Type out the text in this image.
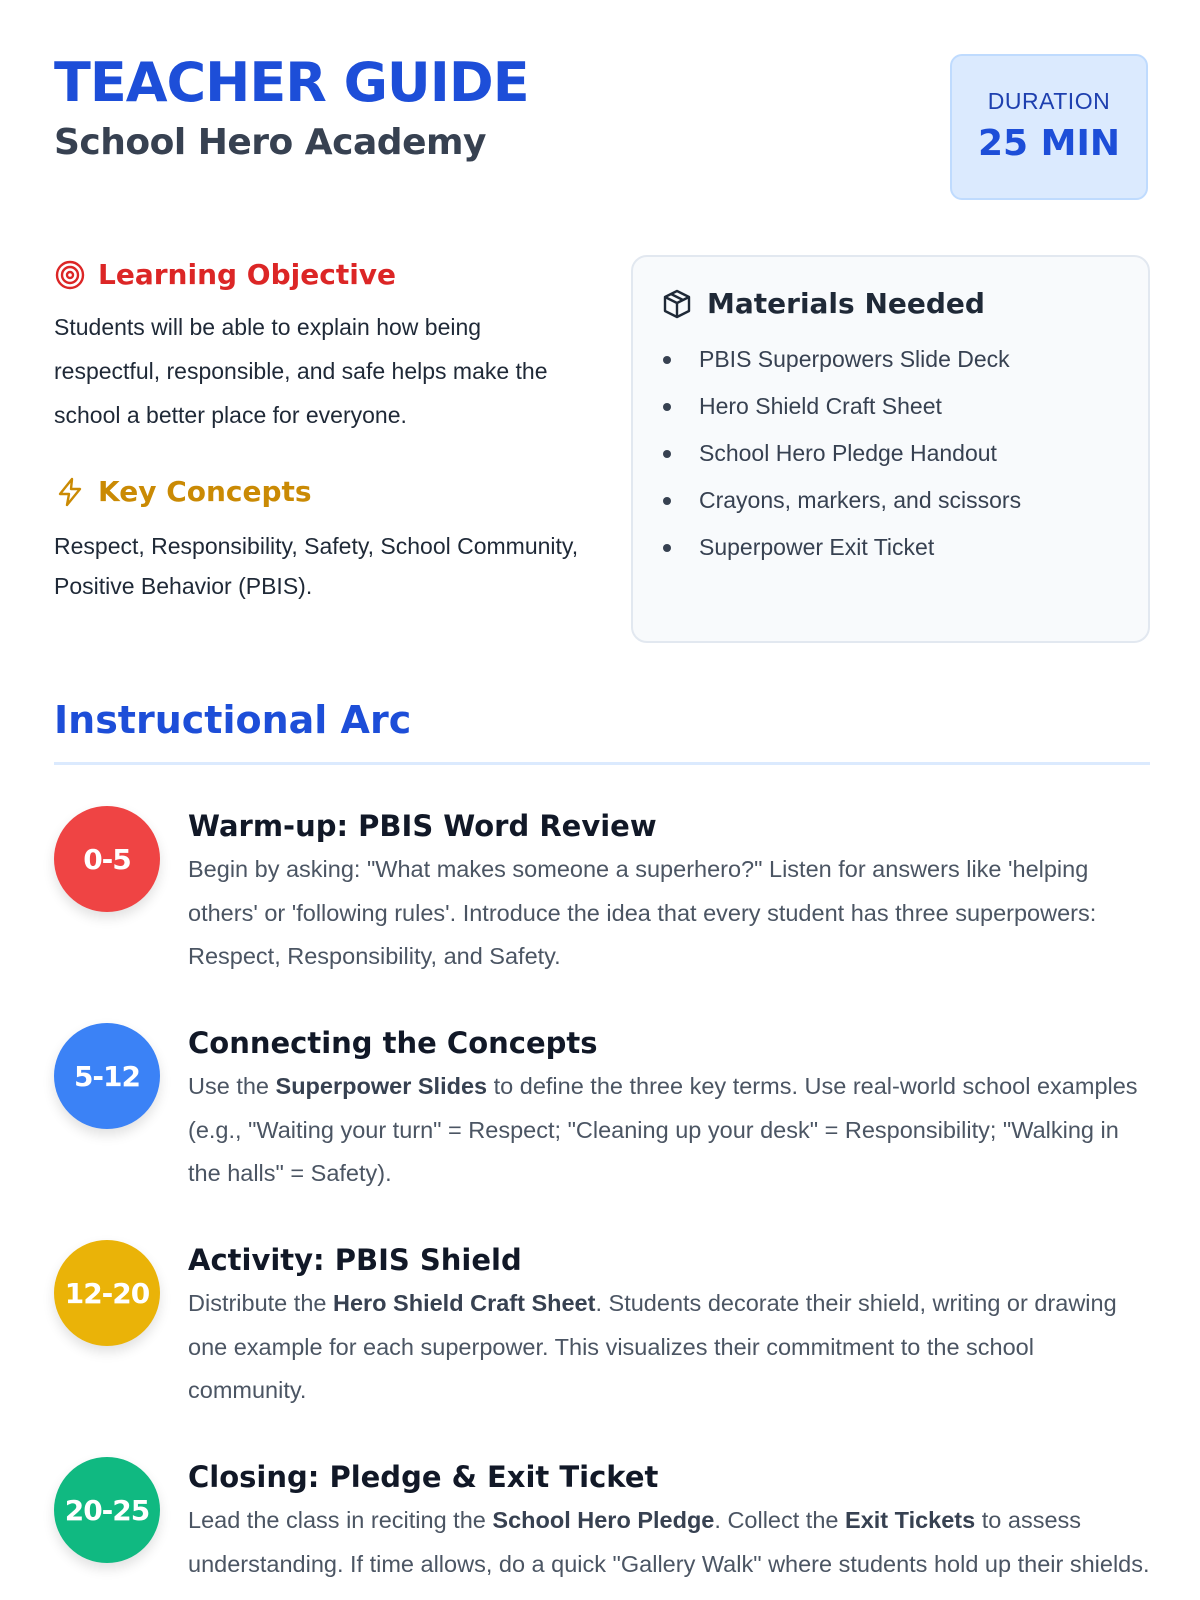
TEACHER GUIDE
School Hero Academy
DURATION
25 MIN
Learning Objective
Students will be able to explain how being respectful, responsible, and safe helps make the school a better place for everyone.
Key Concepts
Respect, Responsibility, Safety, School Community, Positive Behavior (PBIS).
Materials Needed
PBIS Superpowers Slide Deck
Hero Shield Craft Sheet
School Hero Pledge Handout
Crayons, markers, and scissors
Superpower Exit Ticket
Instructional Arc
0-5
Warm-up: PBIS Word Review
Begin by asking: "What makes someone a superhero?" Listen for answers like 'helping others' or 'following rules'. Introduce the idea that every student has three superpowers: Respect, Responsibility, and Safety.
5-12
Connecting the Concepts
Use the Superpower Slides to define the three key terms. Use real-world school examples (e.g., "Waiting your turn" = Respect; "Cleaning up your desk" = Responsibility; "Walking in the halls" = Safety).
12-20
Activity: PBIS Shield
Distribute the Hero Shield Craft Sheet. Students decorate their shield, writing or drawing one example for each superpower. This visualizes their commitment to the school community.
20-25
Closing: Pledge & Exit Ticket
Lead the class in reciting the School Hero Pledge. Collect the Exit Tickets to assess understanding. If time allows, do a quick "Gallery Walk" where students hold up their shields.
